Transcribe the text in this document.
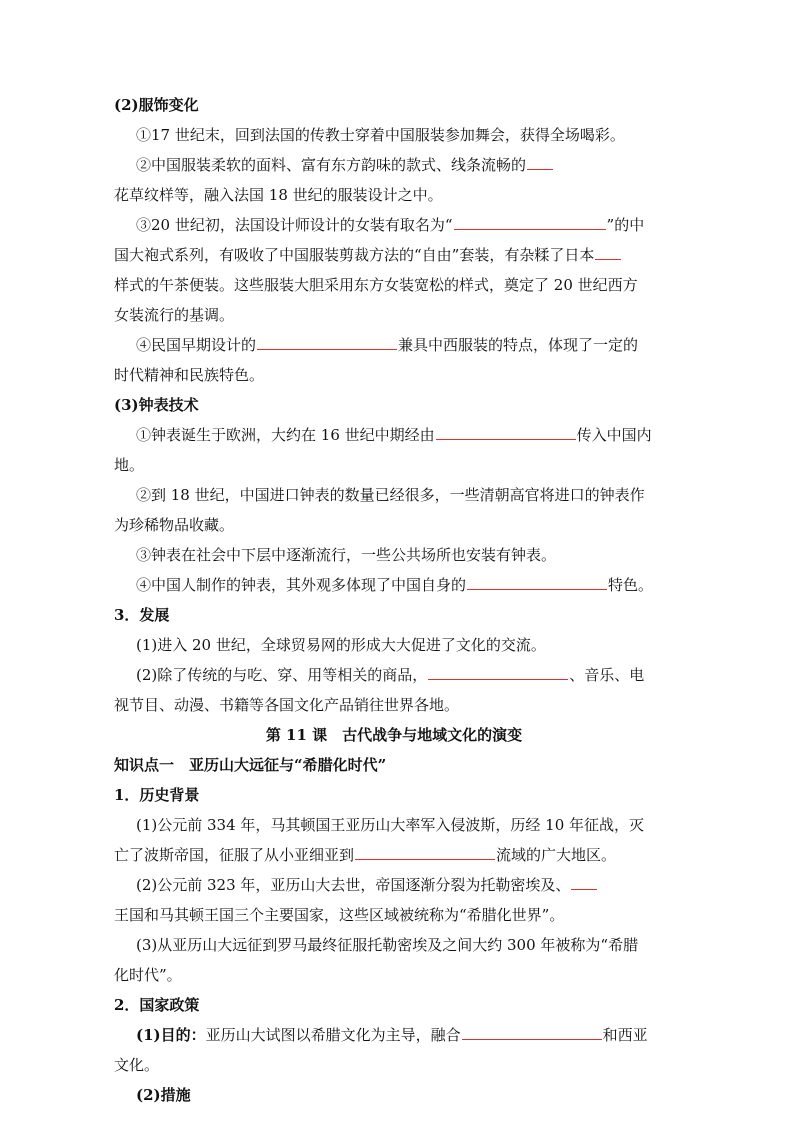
(2)服饰变化
①17 世纪末，回到法国的传教士穿着中国服装参加舞会，获得全场喝彩。
②中国服装柔软的面料、富有东方韵味的款式、线条流畅的
花草纹样等，融入法国 18 世纪的服装设计之中。
③20 世纪初，法国设计师设计的女装有取名为“	”的中
国大袍式系列，有吸收了中国服装剪裁方法的“自由”套装，有杂糅了日本
样式的午茶便装。这些服装大胆采用东方女装宽松的样式，奠定了 20 世纪西方
女装流行的基调。
④民国早期设计的	兼具中西服装的特点，体现了一定的
时代精神和民族特色。
(3)钟表技术
①钟表诞生于欧洲，大约在 16 世纪中期经由	传入中国内
地。
②到 18 世纪，中国进口钟表的数量已经很多，一些清朝高官将进口的钟表作
为珍稀物品收藏。
③钟表在社会中下层中逐渐流行，一些公共场所也安装有钟表。
④中国人制作的钟表，其外观多体现了中国自身的	特色。
3．发展
(1)进入 20 世纪，全球贸易网的形成大大促进了文化的交流。
(2)除了传统的与吃、穿、用等相关的商品，	、音乐、电
视节目、动漫、书籍等各国文化产品销往世界各地。
第 11 课　古代战争与地域文化的演变
知识点一　亚历山大远征与“希腊化时代”
1．历史背景
(1)公元前 334 年，马其顿国王亚历山大率军入侵波斯，历经 10 年征战，灭
亡了波斯帝国，征服了从小亚细亚到	流域的广大地区。
(2)公元前 323 年，亚历山大去世，帝国逐渐分裂为托勒密埃及、
王国和马其顿王国三个主要国家，这些区域被统称为“希腊化世界”。
(3)从亚历山大远征到罗马最终征服托勒密埃及之间大约 300 年被称为“希腊
化时代”。
2．国家政策
(1)目的：亚历山大试图以希腊文化为主导，融合	和西亚
文化。
(2)措施
